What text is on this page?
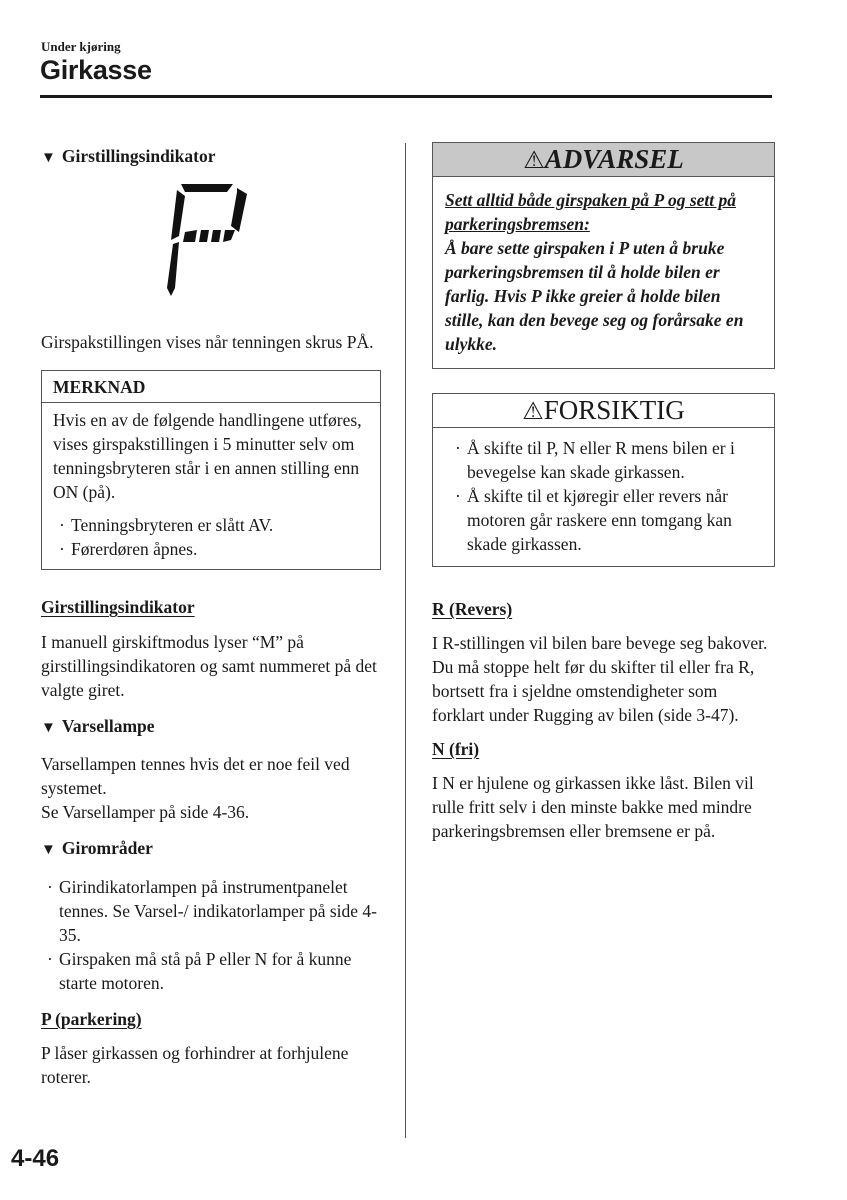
Under kjøring
Girkasse
▼ Girstillingsindikator

Girspakstillingen vises når tenningen skrus PÅ.

MERKNAD

Hvis en av de følgende handlingene utføres, vises girspakstillingen i 5 minutter selv om tenningsbryteren står i en annen stilling enn ON (på).

· Tenningsbryteren er slått AV.
· Førerdøren åpnes.
Girstillingsindikator

I manuell girskiftmodus lyser “M” på girstillingsindikatoren og samt nummeret på det valgte giret.

▼ Varsellampe

Varsellampen tennes hvis det er noe feil ved systemet.

Se Varsellamper på side 4-36.

▼ Girområder
· Girindikatorlampen på instrumentpanelet tennes. Se Varsel-/ indikatorlamper på side 4-35.
· Girspaken må stå på P eller N for å kunne starte motoren.
P (parkering)

P låser girkassen og forhindrer at forhjulene roterer.

⚠ADVARSEL

Sett alltid både girspaken på P og sett på parkeringsbremsen:

Å bare sette girspaken i P uten å bruke parkeringsbremsen til å holde bilen er farlig. Hvis P ikke greier å holde bilen stille, kan den bevege seg og forårsake en ulykke.

⚠FORSIKTIG
· Å skifte til P, N eller R mens bilen er i bevegelse kan skade girkassen.
· Å skifte til et kjøregir eller revers når motoren går raskere enn tomgang kan skade girkassen.
R (Revers)

I R-stillingen vil bilen bare bevege seg bakover. Du må stoppe helt før du skifter til eller fra R, bortsett fra i sjeldne omstendigheter som forklart under Rugging av bilen (side 3-47).

N (fri)

I N er hjulene og girkassen ikke låst. Bilen vil rulle fritt selv i den minste bakke med mindre parkeringsbremsen eller bremsene er på.

4-46
